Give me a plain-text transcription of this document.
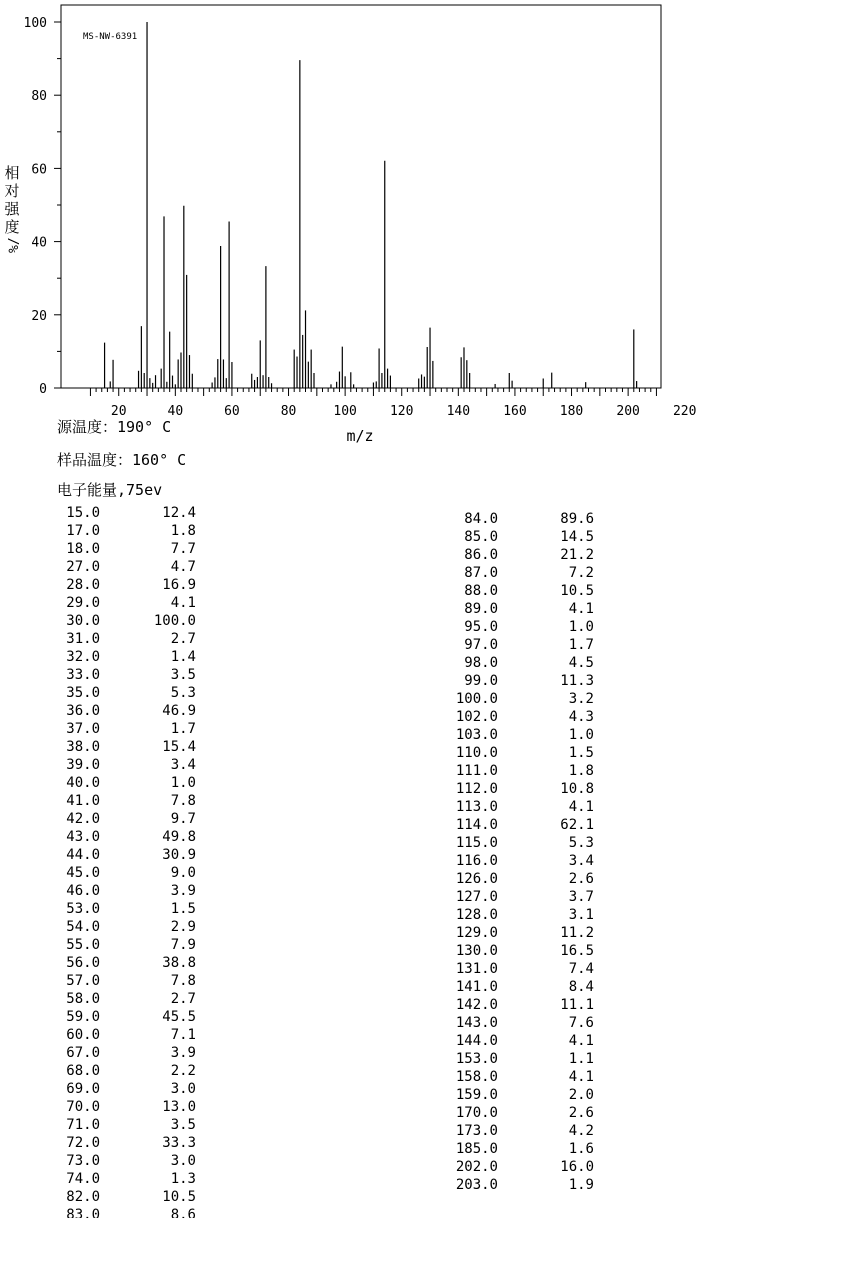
0
20
40
60
80
100
20	40	60	80	100	120	140	160	180	200	220
MS-NW-6391
m/z
相
对
强
度
%/
源温度：190° C
样品温度：160° C
电子能量,75ev
15.0	12.4
17.0	1.8
18.0	7.7
27.0	4.7
28.0	16.9
29.0	4.1
30.0	100.0
31.0	2.7
32.0	1.4
33.0	3.5
35.0	5.3
36.0	46.9
37.0	1.7
38.0	15.4
39.0	3.4
40.0	1.0
41.0	7.8
42.0	9.7
43.0	49.8
44.0	30.9
45.0	9.0
46.0	3.9
53.0	1.5
54.0	2.9
55.0	7.9
56.0	38.8
57.0	7.8
58.0	2.7
59.0	45.5
60.0	7.1
67.0	3.9
68.0	2.2
69.0	3.0
70.0	13.0
71.0	3.5
72.0	33.3
73.0	3.0
74.0	1.3
82.0	10.5
83.0	8.6
84.0	89.6
85.0	14.5
86.0	21.2
87.0	7.2
88.0	10.5
89.0	4.1
95.0	1.0
97.0	1.7
98.0	4.5
99.0	11.3
100.0	3.2
102.0	4.3
103.0	1.0
110.0	1.5
111.0	1.8
112.0	10.8
113.0	4.1
114.0	62.1
115.0	5.3
116.0	3.4
126.0	2.6
127.0	3.7
128.0	3.1
129.0	11.2
130.0	16.5
131.0	7.4
141.0	8.4
142.0	11.1
143.0	7.6
144.0	4.1
153.0	1.1
158.0	4.1
159.0	2.0
170.0	2.6
173.0	4.2
185.0	1.6
202.0	16.0
203.0	1.9
